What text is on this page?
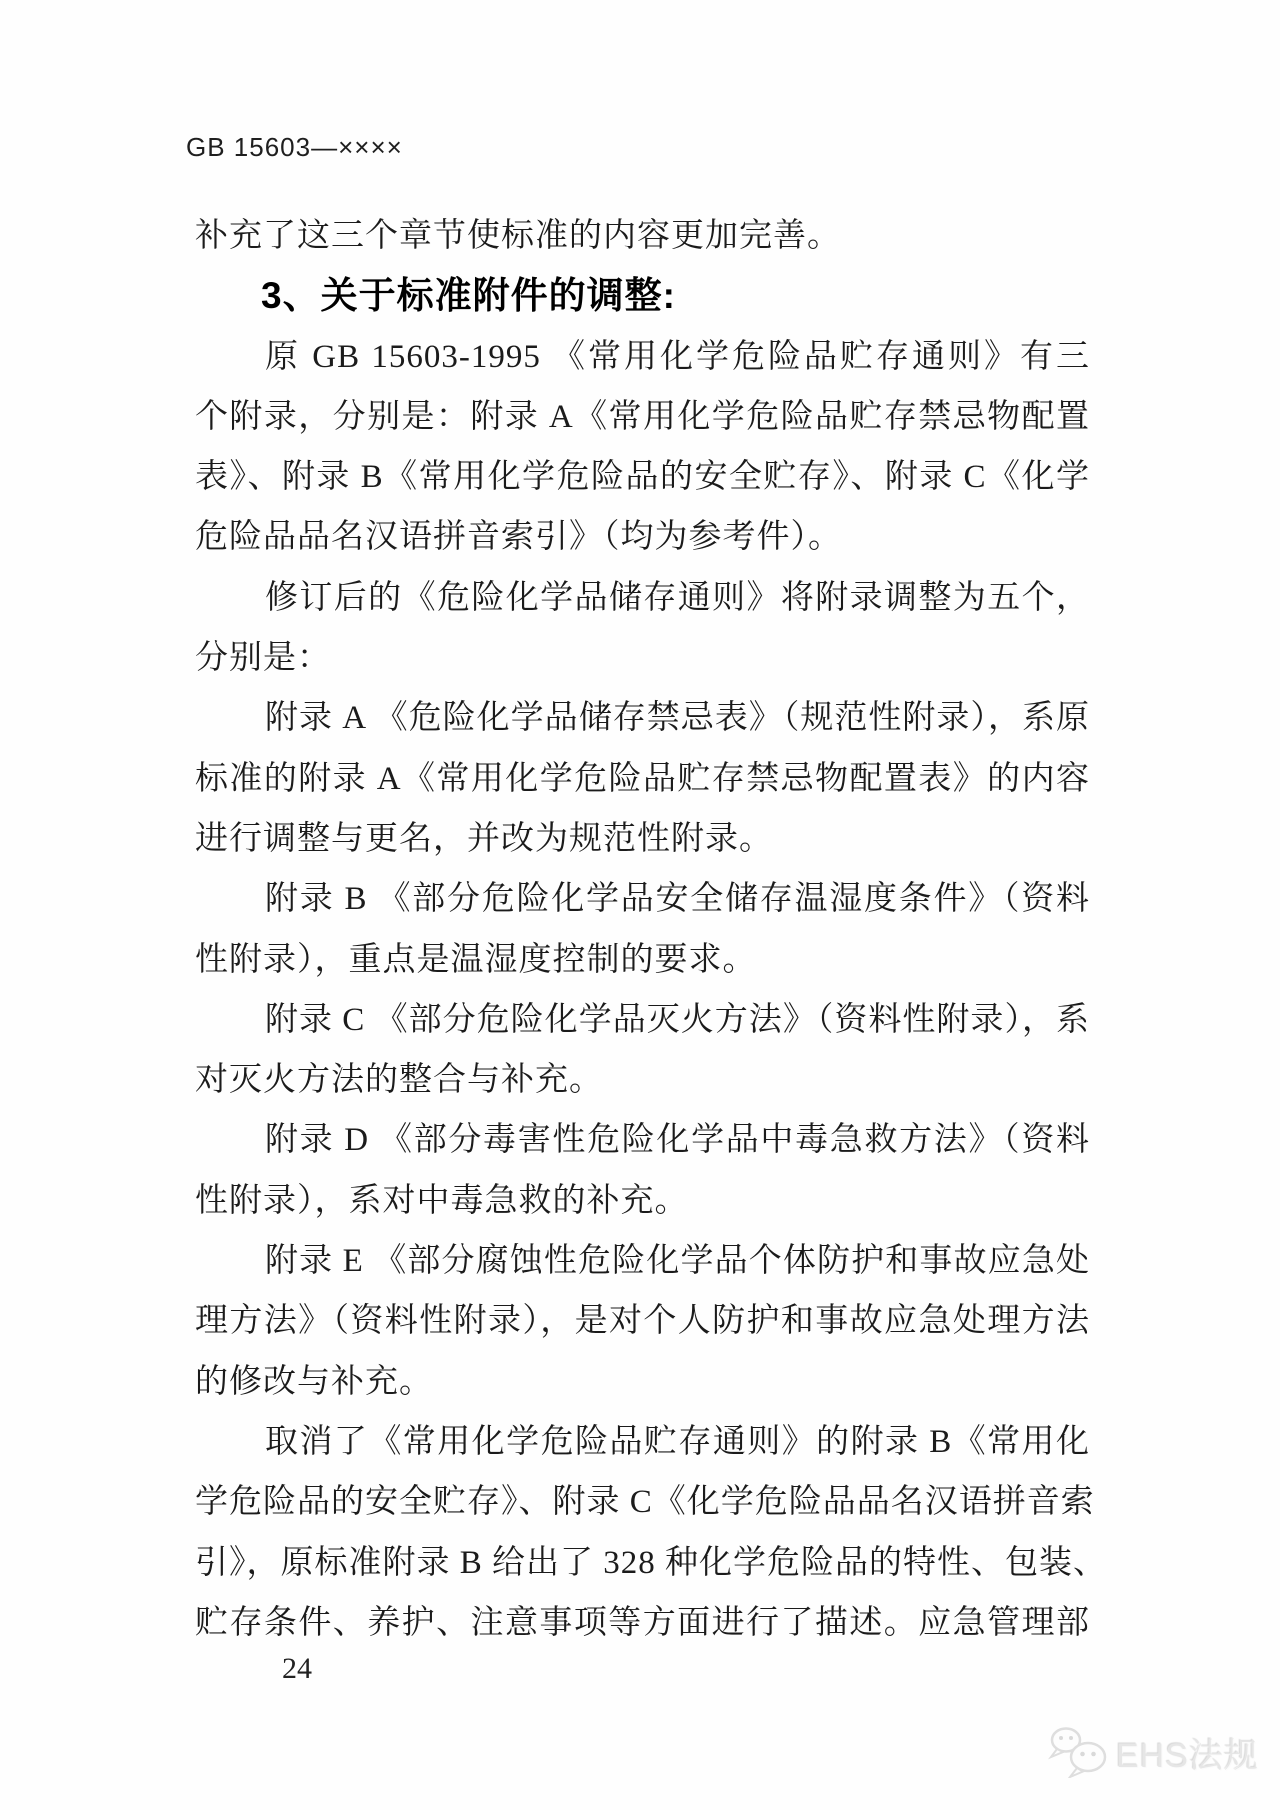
GB 15603—××××
补充了这三个章节使标准的内容更加完善。
3、关于标准附件的调整:
原 GB 15603-1995 《常用化学危险品贮存通则》有三
个附录，分别是：附录 A《常用化学危险品贮存禁忌物配置
表》、附录 B《常用化学危险品的安全贮存》、附录 C《化学
危险品品名汉语拼音索引》（均为参考件）。
修订后的《危险化学品储存通则》将附录调整为五个，
分别是：
附录 A 《危险化学品储存禁忌表》（规范性附录），系原
标准的附录 A《常用化学危险品贮存禁忌物配置表》的内容
进行调整与更名，并改为规范性附录。
附录 B 《部分危险化学品安全储存温湿度条件》（资料
性附录），重点是温湿度控制的要求。
附录 C 《部分危险化学品灭火方法》（资料性附录），系
对灭火方法的整合与补充。
附录 D 《部分毒害性危险化学品中毒急救方法》（资料
性附录），系对中毒急救的补充。
附录 E 《部分腐蚀性危险化学品个体防护和事故应急处
理方法》（资料性附录），是对个人防护和事故应急处理方法
的修改与补充。
取消了《常用化学危险品贮存通则》的附录 B《常用化
学危险品的安全贮存》、附录 C《化学危险品品名汉语拼音索
引》，原标准附录 B 给出了 328 种化学危险品的特性、包装、
贮存条件、养护、注意事项等方面进行了描述。应急管理部
24
EHS法规
